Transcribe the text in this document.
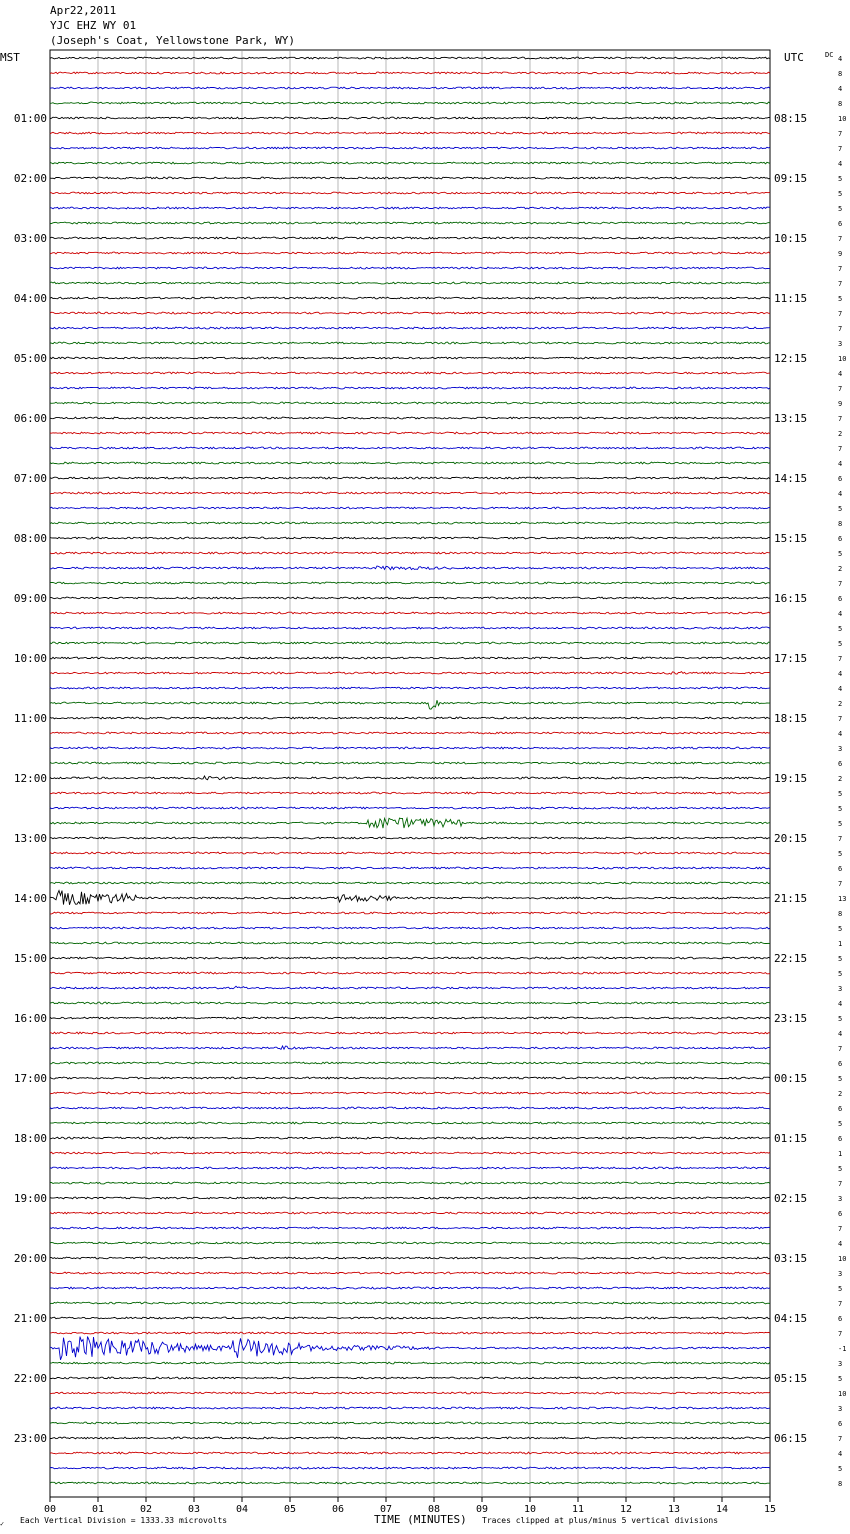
Apr22,2011
YJC EHZ WY 01
(Joseph's Coat, Yellowstone Park, WY)
MST	UTC	DC
TIME (MINUTES)
✓ Each Vertical Division = 1333.33 microvolts	Traces clipped at plus/minus 5 vertical divisions
00	01	02	03	04	05	06	07	08	09	10	11	12	13	14	15
4
8
4
8
10
7
7
4
5
5
5
6
7
9
7
7
5
7
7
3
10
4
7
9
7
2
7
4
6
4
5
8
6
5
2
7
6
4
5
5
7
4
4
2
7
4
3
6
2
5
5
5
7
5
6
7
13
8
5
1
5
5
3
4
5
4
7
6
5
2
6
5
6
1
5
7
3
6
7
4
10
3
5
7
6
7
-1
3
5
10
3
6
7
4
5
8
01:00
02:00
03:00
04:00
05:00
06:00
07:00
08:00
09:00
10:00
11:00
12:00
13:00
14:00
15:00
16:00
17:00
18:00
19:00
20:00
21:00
22:00
23:00
08:15
09:15
10:15
11:15
12:15
13:15
14:15
15:15
16:15
17:15
18:15
19:15
20:15
21:15
22:15
23:15
00:15
01:15
02:15
03:15
04:15
05:15
06:15
